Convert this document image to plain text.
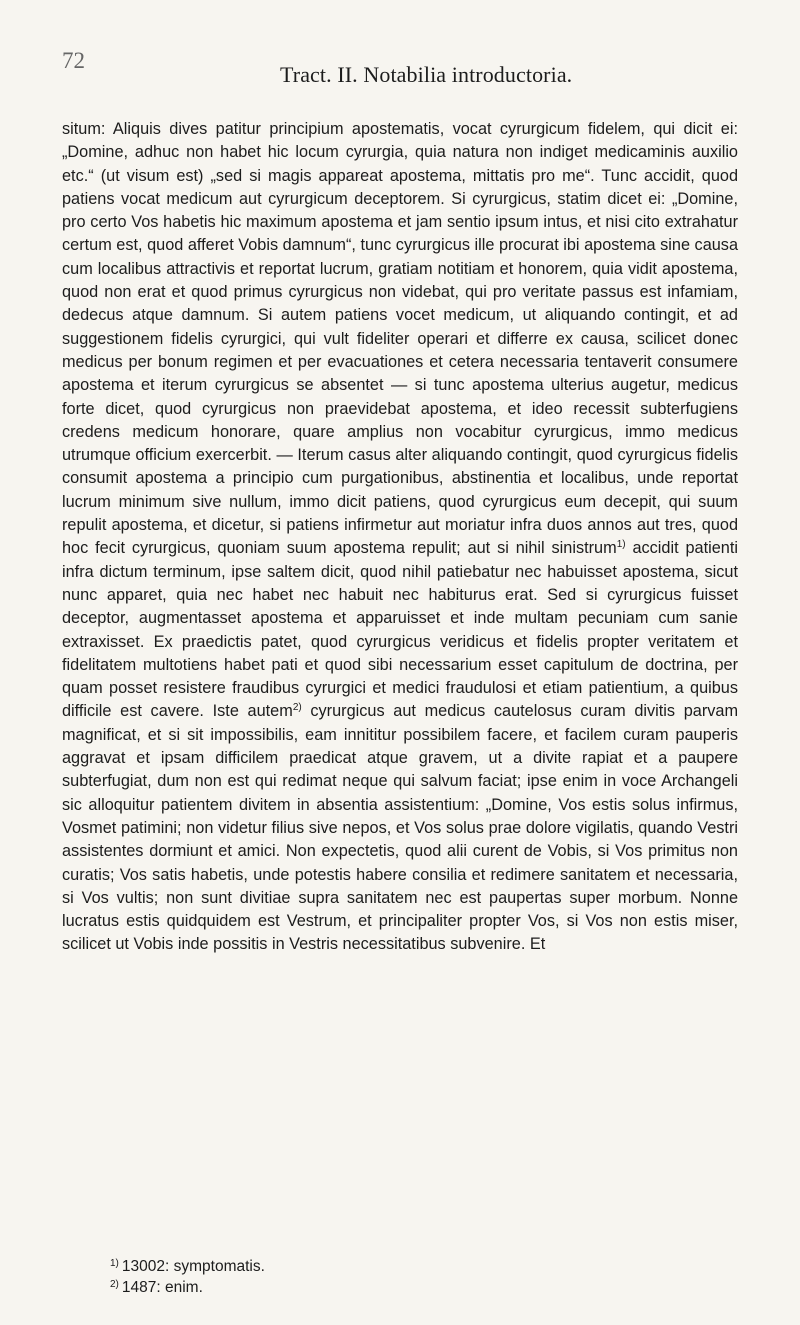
72
Tract. II. Notabilia introductoria.

situm: Aliquis dives patitur principium apostematis, vocat cyrurgicum fidelem, qui dicit ei: „Domine, adhuc non habet hic locum cyrurgia, quia natura non indiget medicaminis auxilio etc.“ (ut visum est) „sed si magis appareat apostema, mittatis pro me“. Tunc accidit, quod patiens vocat medicum aut cyrurgicum deceptorem. Si cyrurgicus, statim dicet ei: „Domine, pro certo Vos habetis hic maximum apostema et jam sentio ipsum intus, et nisi cito extrahatur certum est, quod afferet Vobis damnum“, tunc cyrurgicus ille procurat ibi apostema sine causa cum localibus attractivis et reportat lucrum, gratiam notitiam et honorem, quia vidit apostema, quod non erat et quod primus cyrurgicus non videbat, qui pro veritate passus est infamiam, dedecus atque damnum. Si autem patiens vocet medicum, ut aliquando contingit, et ad suggestionem fidelis cyrurgici, qui vult fideliter operari et differre ex causa, scilicet donec medicus per bonum regimen et per evacuationes et cetera necessaria tentaverit consumere apostema et iterum cyrurgicus se absentet — si tunc apostema ulterius augetur, medicus forte dicet, quod cyrurgicus non praevidebat apostema, et ideo recessit subterfugiens credens medicum honorare, quare amplius non vocabitur cyrurgicus, immo medicus utrumque officium exercerbit. — Iterum casus alter aliquando contingit, quod cyrurgicus fidelis consumit apostema a principio cum purgationibus, abstinentia et localibus, unde reportat lucrum minimum sive nullum, immo dicit patiens, quod cyrurgicus eum decepit, qui suum repulit apostema, et dicetur, si patiens infirmetur aut moriatur infra duos annos aut tres, quod hoc fecit cyrurgicus, quoniam suum apostema repulit; aut si nihil sinistrum$^{1)}$ accidit patienti infra dictum terminum, ipse saltem dicit, quod nihil patiebatur nec habuisset apostema, sicut nunc apparet, quia nec habet nec habuit nec habiturus erat. Sed si cyrurgicus fuisset deceptor, augmentasset apostema et apparuisset et inde multam pecuniam cum sanie extraxisset. Ex praedictis patet, quod cyrurgicus veridicus et fidelis propter veritatem et fidelitatem multotiens habet pati et quod sibi necessarium esset capitulum de doctrina, per quam posset resistere fraudibus cyrurgici et medici fraudulosi et etiam patientium, a quibus difficile est cavere. Iste autem$^{2)}$ cyrurgicus aut medicus cautelosus curam divitis parvam magnificat, et si sit impossibilis, eam innititur possibilem facere, et facilem curam pauperis aggravat et ipsam difficilem praedicat atque gravem, ut a divite rapiat et a paupere subterfugiat, dum non est qui redimat neque qui salvum faciat; ipse enim in voce Archangeli sic alloquitur patientem divitem in absentia assistentium: „Domine, Vos estis solus infirmus, Vosmet patimini; non videtur filius sive nepos, et Vos solus prae dolore vigilatis, quando Vestri assistentes dormiunt et amici. Non expectetis, quod alii curent de Vobis, si Vos primitus non curatis; Vos satis habetis, unde potestis habere consilia et redimere sanitatem et necessaria, si Vos vultis; non sunt divitiae supra sanitatem nec est paupertas super morbum. Nonne lucratus estis quidquidem est Vestrum, et principaliter propter Vos, si Vos non estis miser, scilicet ut Vobis inde possitis in Vestris necessitatibus subvenire. Et

$^{1)}$ 13002: symptomatis.
$^{2)}$ 1487: enim.
